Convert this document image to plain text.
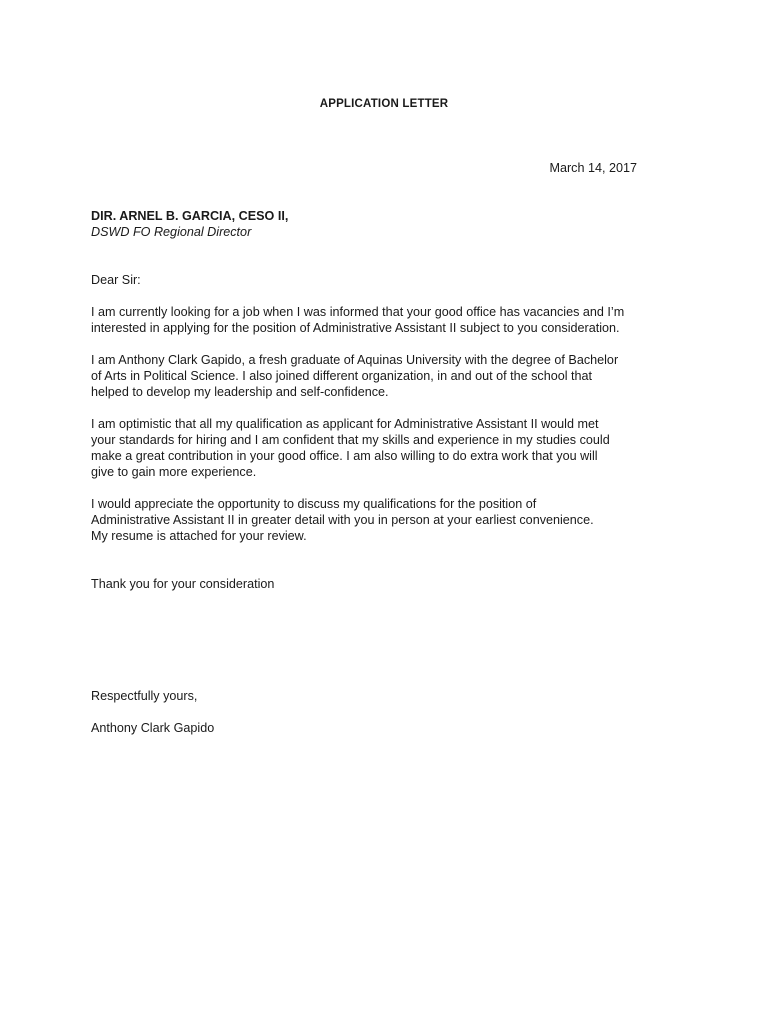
APPLICATION LETTER
March 14, 2017
DIR. ARNEL B. GARCIA, CESO II,
DSWD FO Regional Director
Dear Sir:
I am currently looking for a job when I was informed that your good office has vacancies and I’m
interested in applying for the position of Administrative Assistant II subject to you consideration.
I am Anthony Clark Gapido, a fresh graduate of Aquinas University with the degree of Bachelor
of Arts in Political Science. I also joined different organization, in and out of the school that
helped to develop my leadership and self-confidence.
I am optimistic that all my qualification as applicant for Administrative Assistant II would met
your standards for hiring and I am confident that my skills and experience in my studies could
make a great contribution in your good office. I am also willing to do extra work that you will
give to gain more experience.
I would appreciate the opportunity to discuss my qualifications for the position of
Administrative Assistant II in greater detail with you in person at your earliest convenience.
My resume is attached for your review.
Thank you for your consideration
Respectfully yours,
Anthony Clark Gapido
